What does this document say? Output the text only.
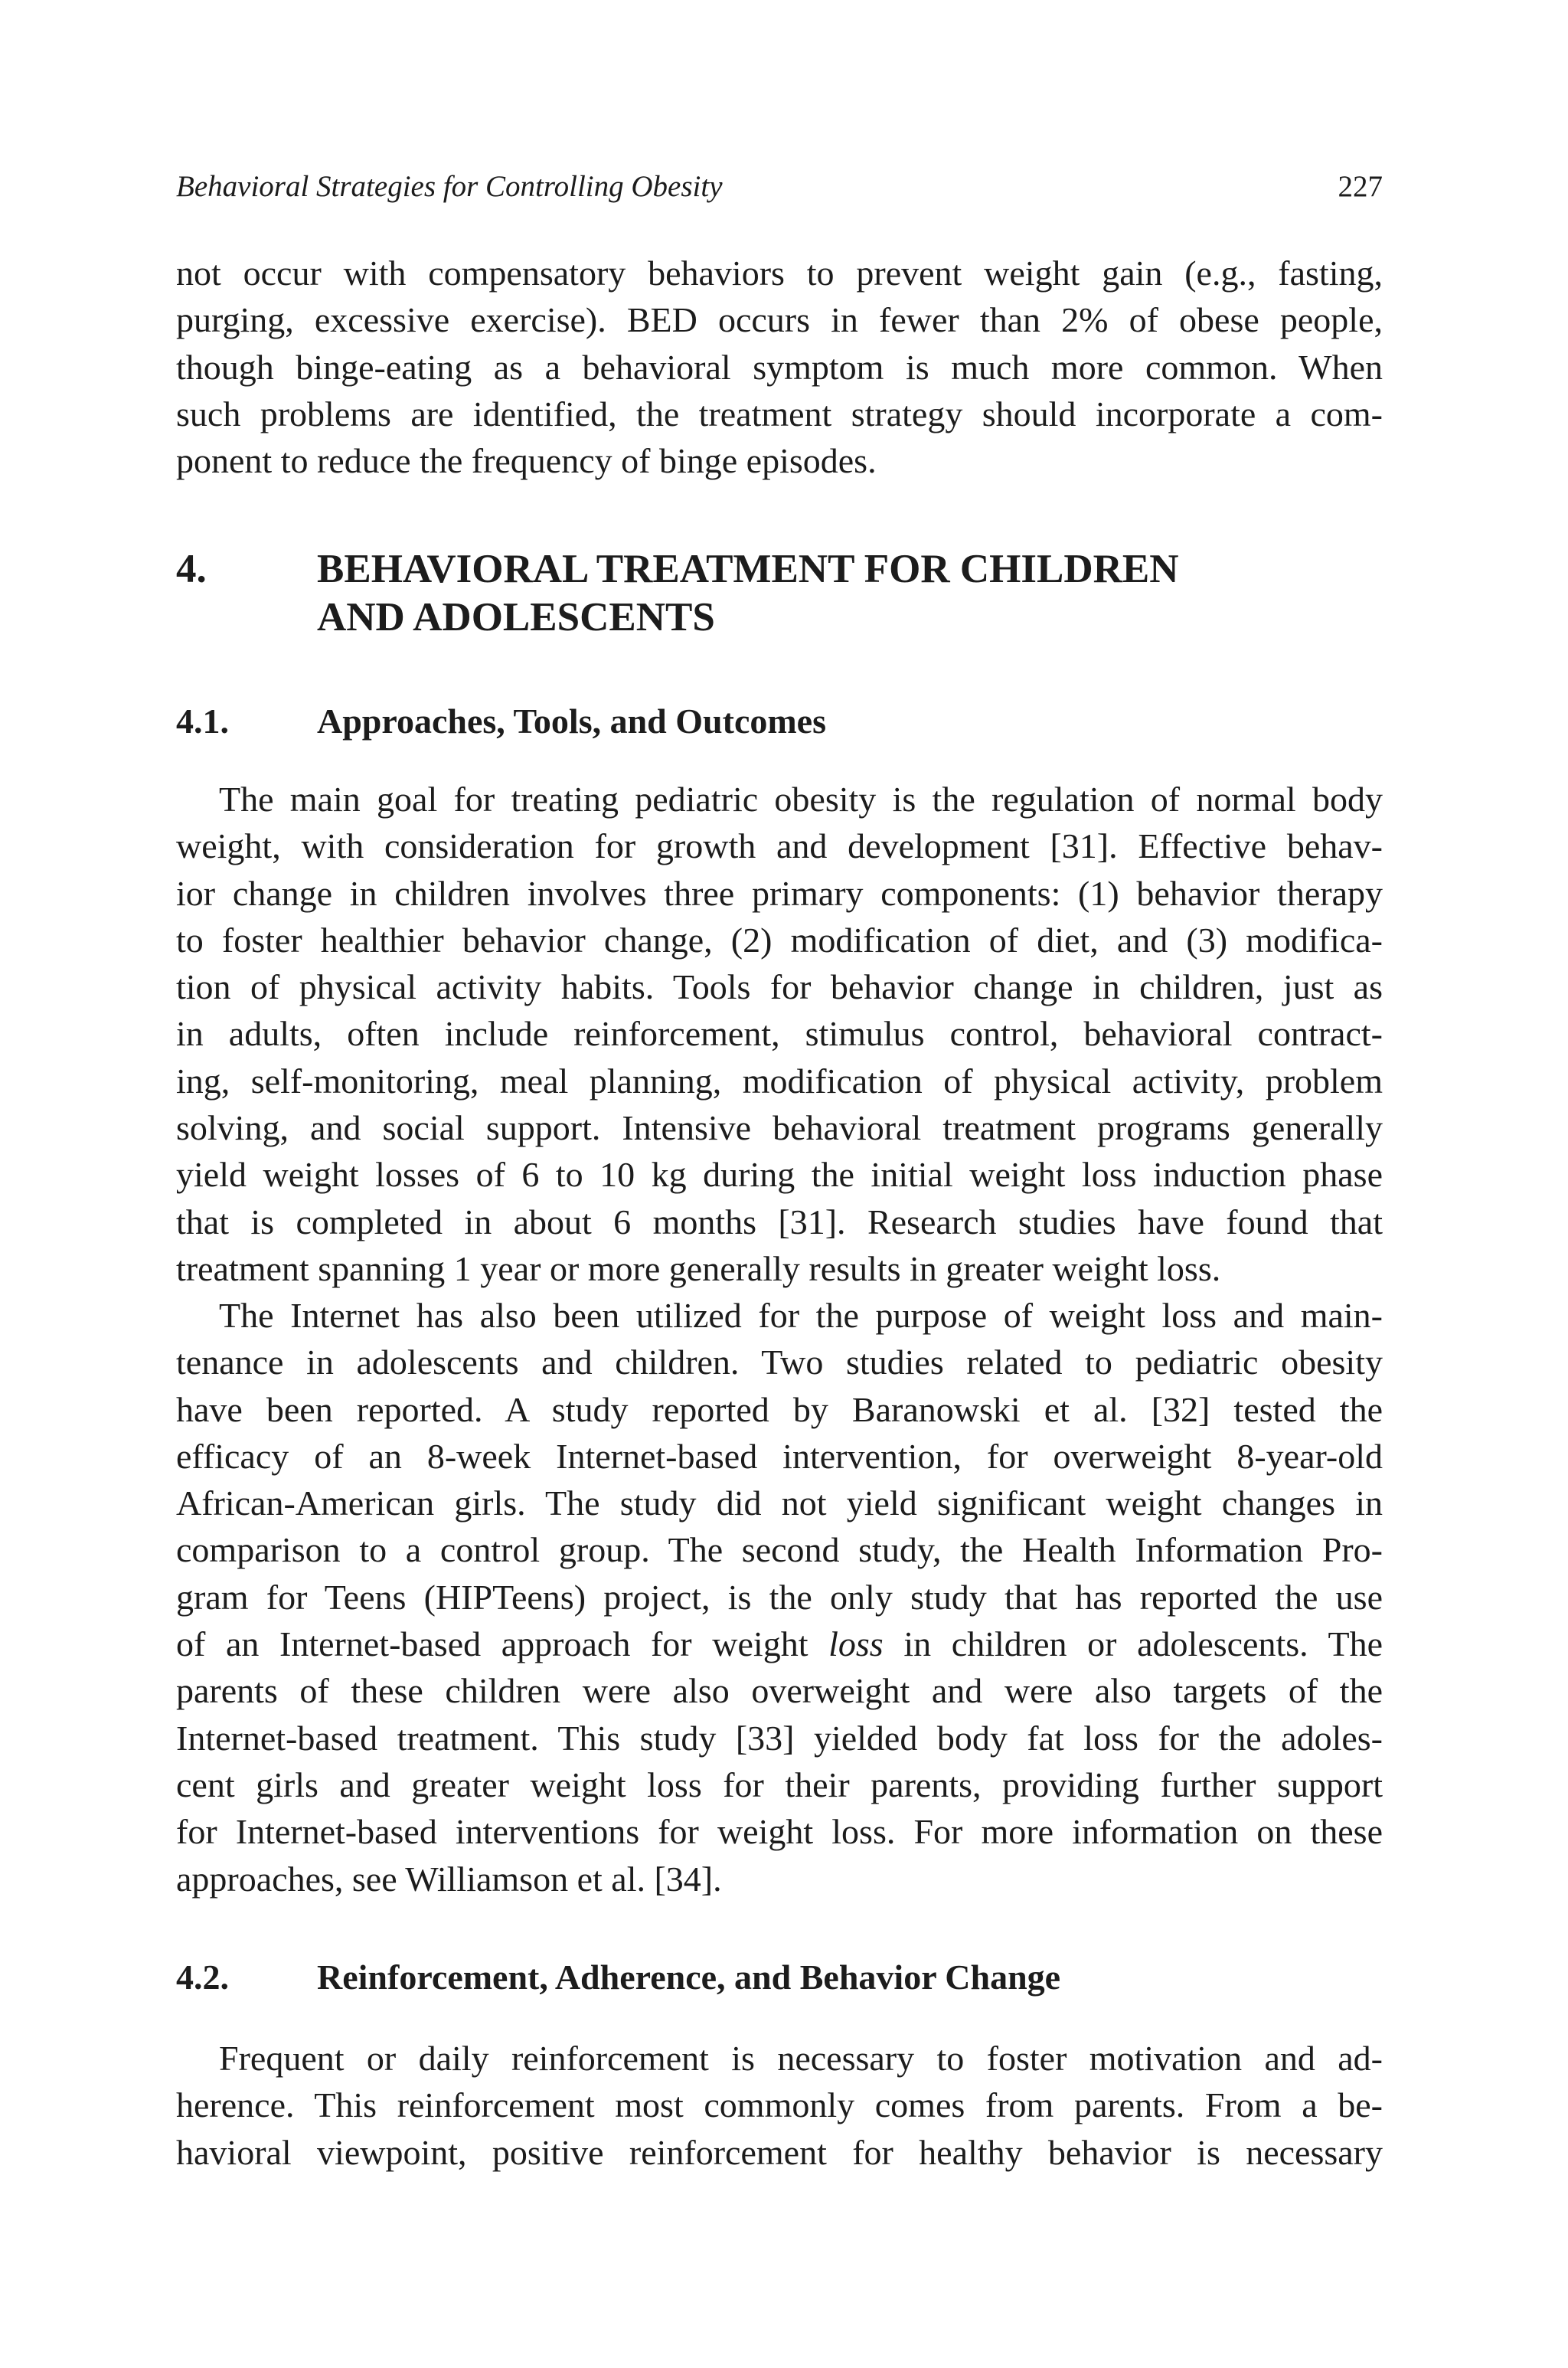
Behavioral Strategies for Controlling Obesity	227
not occur with compensatory behaviors to prevent weight gain (e.g., fasting,
purging, excessive exercise). BED occurs in fewer than 2% of obese people,
though binge-eating as a behavioral symptom is much more common. When
such problems are identified, the treatment strategy should incorporate a com-
ponent to reduce the frequency of binge episodes.
4.	BEHAVIORAL TREATMENT FOR CHILDREN
AND ADOLESCENTS
4.1.	Approaches, Tools, and Outcomes
The main goal for treating pediatric obesity is the regulation of normal body
weight, with consideration for growth and development [31]. Effective behav-
ior change in children involves three primary components: (1) behavior therapy
to foster healthier behavior change, (2) modification of diet, and (3) modifica-
tion of physical activity habits. Tools for behavior change in children, just as
in adults, often include reinforcement, stimulus control, behavioral contract-
ing, self-monitoring, meal planning, modification of physical activity, problem
solving, and social support. Intensive behavioral treatment programs generally
yield weight losses of 6 to 10 kg during the initial weight loss induction phase
that is completed in about 6 months [31]. Research studies have found that
treatment spanning 1 year or more generally results in greater weight loss.
The Internet has also been utilized for the purpose of weight loss and main-
tenance in adolescents and children. Two studies related to pediatric obesity
have been reported. A study reported by Baranowski et al. [32] tested the
efficacy of an 8-week Internet-based intervention, for overweight 8-year-old
African-American girls. The study did not yield significant weight changes in
comparison to a control group. The second study, the Health Information Pro-
gram for Teens (HIPTeens) project, is the only study that has reported the use
of an Internet-based approach for weight loss in children or adolescents. The
parents of these children were also overweight and were also targets of the
Internet-based treatment. This study [33] yielded body fat loss for the adoles-
cent girls and greater weight loss for their parents, providing further support
for Internet-based interventions for weight loss. For more information on these
approaches, see Williamson et al. [34].
4.2.	Reinforcement, Adherence, and Behavior Change
Frequent or daily reinforcement is necessary to foster motivation and ad-
herence. This reinforcement most commonly comes from parents. From a be-
havioral viewpoint, positive reinforcement for healthy behavior is necessary
